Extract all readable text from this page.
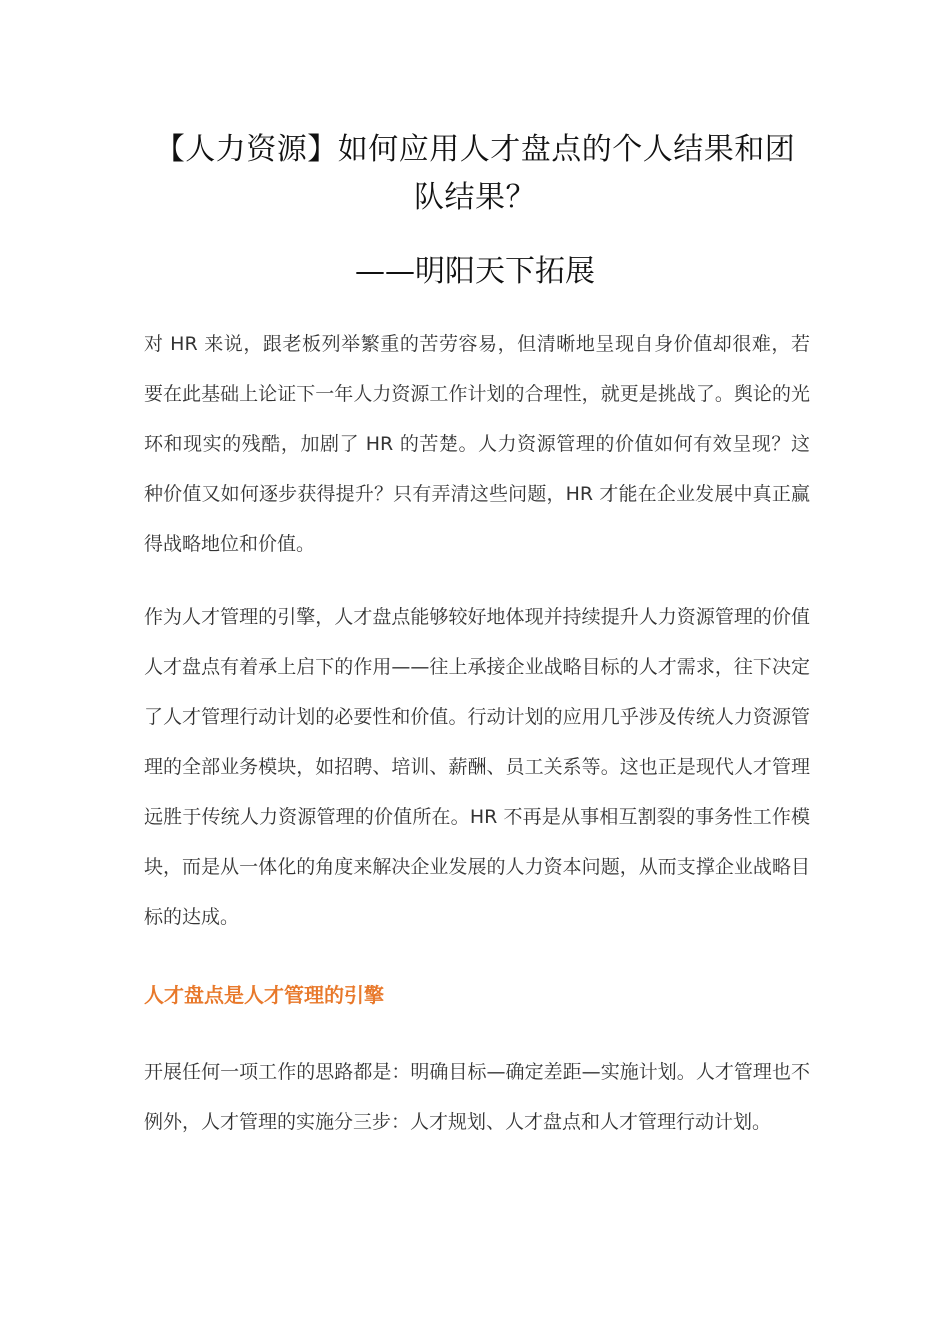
【人力资源】如何应用人才盘点的个人结果和团队结果？
——明阳天下拓展

对 HR 来说，跟老板列举繁重的苦劳容易，但清晰地呈现自身价值却很难，若要在此基础上论证下一年人力资源工作计划的合理性，就更是挑战了。舆论的光环和现实的残酷，加剧了 HR 的苦楚。人力资源管理的价值如何有效呈现？这种价值又如何逐步获得提升？只有弄清这些问题，HR 才能在企业发展中真正赢得战略地位和价值。

作为人才管理的引擎，人才盘点能够较好地体现并持续提升人力资源管理的价值人才盘点有着承上启下的作用——往上承接企业战略目标的人才需求，往下决定了人才管理行动计划的必要性和价值。行动计划的应用几乎涉及传统人力资源管理的全部业务模块，如招聘、培训、薪酬、员工关系等。这也正是现代人才管理远胜于传统人力资源管理的价值所在。HR 不再是从事相互割裂的事务性工作模块，而是从一体化的角度来解决企业发展的人力资本问题，从而支撑企业战略目标的达成。

人才盘点是人才管理的引擎

开展任何一项工作的思路都是：明确目标—确定差距—实施计划。人才管理也不例外，人才管理的实施分三步：人才规划、人才盘点和人才管理行动计划。
